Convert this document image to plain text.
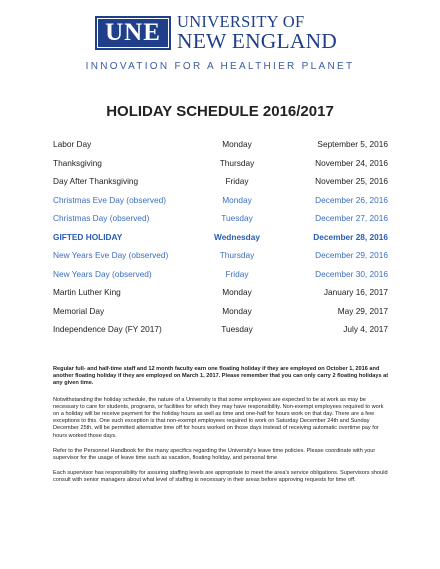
UNE UNIVERSITY OF
NEW ENGLAND
INNOVATION FOR A HEALTHIER PLANET
HOLIDAY SCHEDULE 2016/2017
Labor Day	Monday	September 5, 2016
Thanksgiving	Thursday	November 24, 2016
Day After Thanksgiving	Friday	November 25, 2016
Christmas Eve Day (observed)	Monday	December 26, 2016
Christmas Day (observed)	Tuesday	December 27, 2016
GIFTED HOLIDAY	Wednesday	December 28, 2016
New Years Eve Day (observed)	Thursday	December 29, 2016
New Years Day (observed)	Friday	December 30, 2016
Martin Luther King	Monday	January 16, 2017
Memorial Day	Monday	May 29, 2017
Independence Day (FY 2017)	Tuesday	July 4, 2017

Regular full- and half-time staff and 12 month faculty earn one floating holiday if they are employed on October 1, 2016 and another floating holiday if they are employed on March 1, 2017. Please remember that you can only carry 2 floating holidays at any given time.

Notwithstanding the holiday schedule, the nature of a University is that some employees are expected to be at work as may be necessary to care for students, programs, or facilities for which they may have responsibility. Non-exempt employees required to work on a holiday will be receive payment for the holiday hours as well as time and one-half for hours work on that day. There are a few exceptions to this. One such exception is that non-exempt employees required to work on Saturday December 24th and Sunday December 25th, will be permitted alternative time off for hours worked on those days instead of receiving automatic overtime pay for hours worked those days.

Refer to the Personnel Handbook for the many specifics regarding the University's leave time policies. Please coordinate with your supervisor for the usage of leave time such as vacation, floating holiday, and personal time

Each supervisor has responsibility for assuring staffing levels are appropriate to meet the area's service obligations. Supervisors should consult with senior managers about what level of staffing is necessary in their areas before approving requests for time off.
